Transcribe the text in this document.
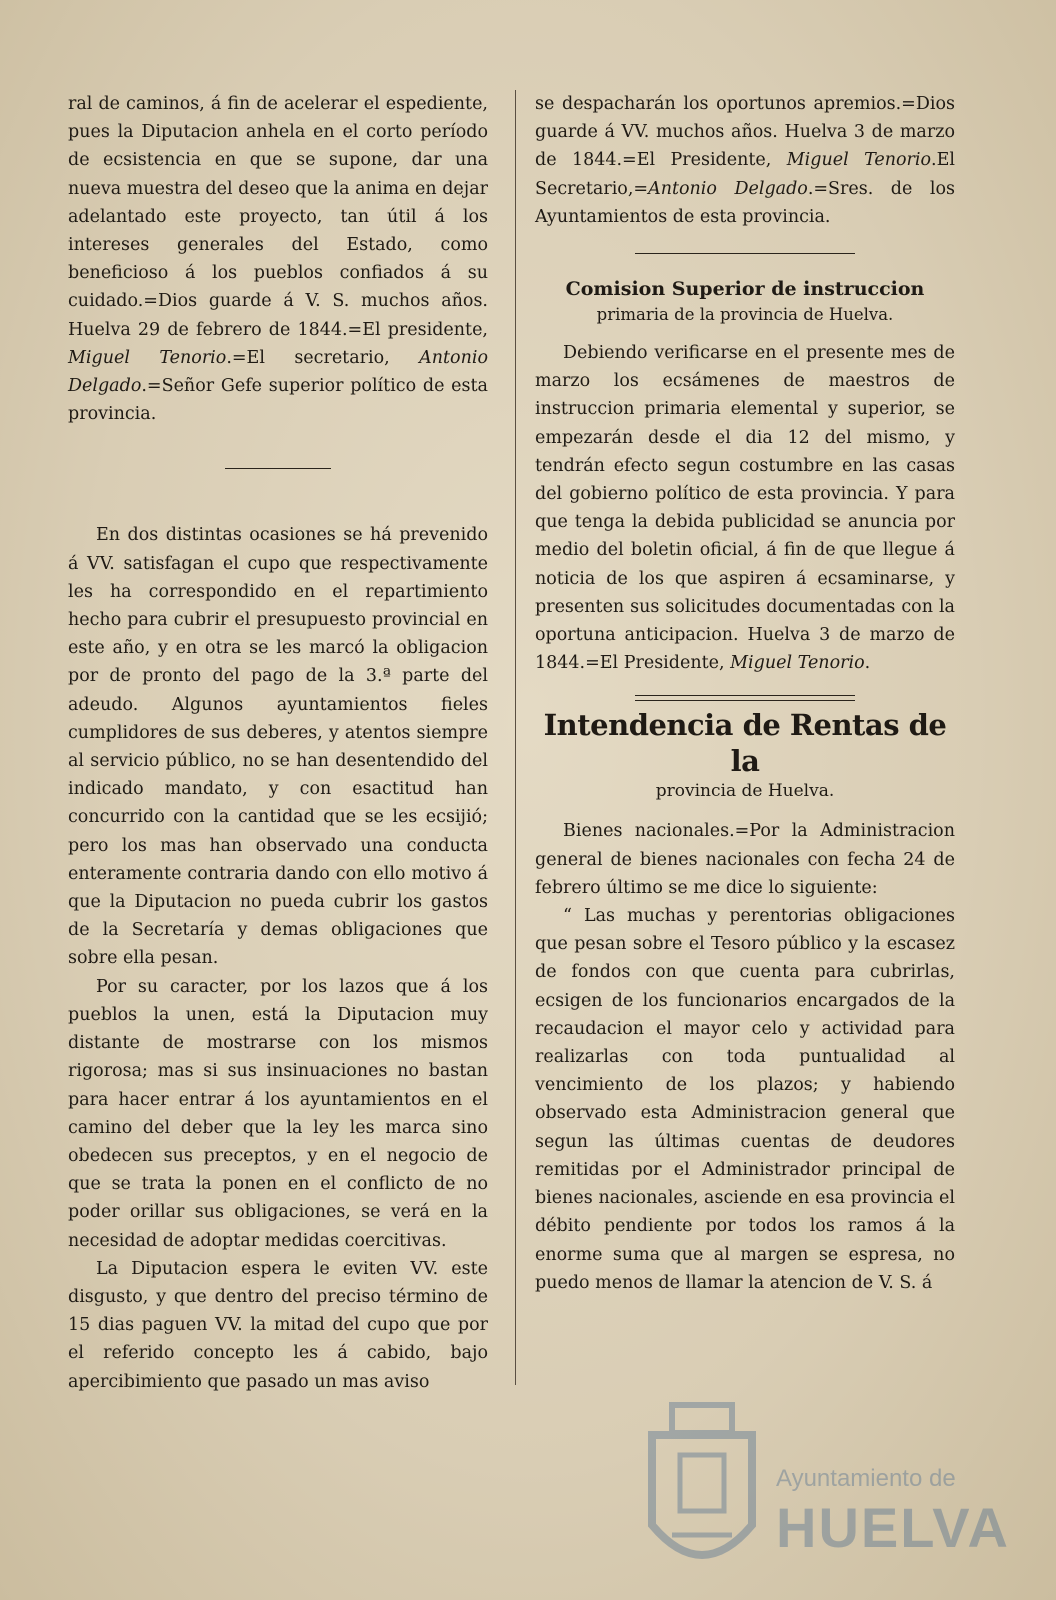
ral de caminos, á fin de acelerar el espediente, pues la Diputacion anhela en el corto período de ecsistencia en que se supone, dar una nueva muestra del deseo que la anima en dejar adelantado este proyecto, tan útil á los intereses generales del Estado, como beneficioso á los pueblos confiados á su cuidado.=Dios guarde á V. S. muchos años. Huelva 29 de febrero de 1844.=El presidente, Miguel Tenorio.=El secretario, Antonio Delgado.=Señor Gefe superior político de esta provincia.

En dos distintas ocasiones se há prevenido á VV. satisfagan el cupo que respectivamente les ha correspondido en el repartimiento hecho para cubrir el presupuesto provincial en este año, y en otra se les marcó la obligacion por de pronto del pago de la 3.ª parte del adeudo. Algunos ayuntamientos fieles cumplidores de sus deberes, y atentos siempre al servicio público, no se han desentendido del indicado mandato, y con esactitud han concurrido con la cantidad que se les ecsijió; pero los mas han observado una conducta enteramente contraria dando con ello motivo á que la Diputacion no pueda cubrir los gastos de la Secretaría y demas obligaciones que sobre ella pesan.

Por su caracter, por los lazos que á los pueblos la unen, está la Diputacion muy distante de mostrarse con los mismos rigorosa; mas si sus insinuaciones no bastan para hacer entrar á los ayuntamientos en el camino del deber que la ley les marca sino obedecen sus preceptos, y en el negocio de que se trata la ponen en el conflicto de no poder orillar sus obligaciones, se verá en la necesidad de adoptar medidas coercitivas.

La Diputacion espera le eviten VV. este disgusto, y que dentro del preciso término de 15 dias paguen VV. la mitad del cupo que por el referido concepto les á cabido, bajo apercibimiento que pasado un mas aviso

se despacharán los oportunos apremios.=Dios guarde á VV. muchos años. Huelva 3 de marzo de 1844.=El Presidente, Miguel Tenorio.El Secretario,=Antonio Delgado.=Sres. de los Ayuntamientos de esta provincia.

Comision Superior de instruccion
primaria de la provincia de Huelva.

Debiendo verificarse en el presente mes de marzo los ecsámenes de maestros de instruccion primaria elemental y superior, se empezarán desde el dia 12 del mismo, y tendrán efecto segun costumbre en las casas del gobierno político de esta provincia. Y para que tenga la debida publicidad se anuncia por medio del boletin oficial, á fin de que llegue á noticia de los que aspiren á ecsaminarse, y presenten sus solicitudes documentadas con la oportuna anticipacion. Huelva 3 de marzo de 1844.=El Presidente, Miguel Tenorio.

Intendencia de Rentas de la
provincia de Huelva.

Bienes nacionales.=Por la Administracion general de bienes nacionales con fecha 24 de febrero último se me dice lo siguiente:

“ Las muchas y perentorias obligaciones que pesan sobre el Tesoro público y la escasez de fondos con que cuenta para cubrirlas, ecsigen de los funcionarios encargados de la recaudacion el mayor celo y actividad para realizarlas con toda puntualidad al vencimiento de los plazos; y habiendo observado esta Administracion general que segun las últimas cuentas de deudores remitidas por el Administrador principal de bienes nacionales, asciende en esa provincia el débito pendiente por todos los ramos á la enorme suma que al margen se espresa, no puedo menos de llamar la atencion de V. S. á

Ayuntamiento de
HUELVA
